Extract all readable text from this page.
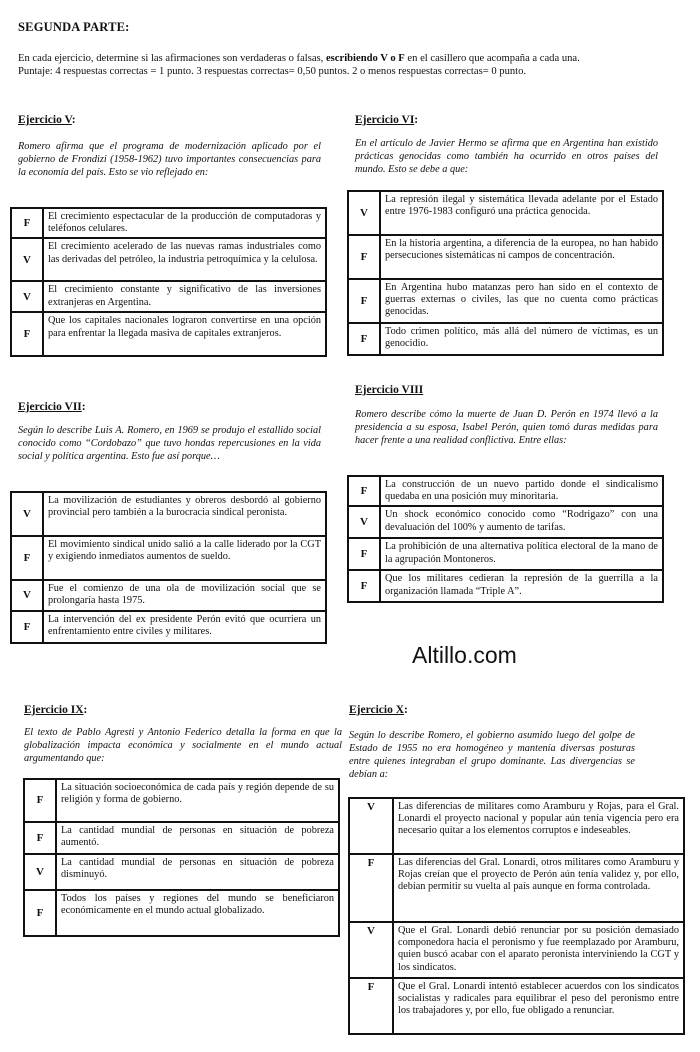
SEGUNDA PARTE:
En cada ejercicio, determine si las afirmaciones son verdaderas o falsas, escribiendo V o F en el casillero que acompaña a cada una.
Puntaje: 4 respuestas correctas = 1 punto. 3 respuestas correctas= 0,50 puntos. 2 o menos respuestas correctas= 0 punto.
Ejercicio V:
Romero afirma que el programa de modernización aplicado por el gobierno de Frondizi (1958-1962) tuvo importantes consecuencias para la economía del país. Esto se vio reflejado en:
F	El crecimiento espectacular de la producción de computadoras y teléfonos celulares.
V	El crecimiento acelerado de las nuevas ramas industriales como las derivadas del petróleo, la industria petroquímica y la celulosa.
V	El crecimiento constante y significativo de las inversiones extranjeras en Argentina.
F	Que los capitales nacionales lograron convertirse en una opción para enfrentar la llegada masiva de capitales extranjeros.
Ejercicio VI:
En el artículo de Javier Hermo se afirma que en Argentina han existido prácticas genocidas como también ha ocurrido en otros países del mundo. Esto se debe a que:
V	La represión ilegal y sistemática llevada adelante por el Estado entre 1976-1983 configuró una práctica genocida.
F	En la historia argentina, a diferencia de la europea, no han habido persecuciones sistemáticas ni campos de concentración.
F	En Argentina hubo matanzas pero han sido en el contexto de guerras externas o civiles, las que no cuenta como prácticas genocidas.
F	Todo crimen político, más allá del número de víctimas, es un genocidio.
Ejercicio VII:
Según lo describe Luis A. Romero, en 1969 se produjo el estallido social conocido como “Cordobazo” que tuvo hondas repercusiones en la vida social y política argentina. Esto fue así porque…
V	La movilización de estudiantes y obreros desbordó al gobierno provincial pero también a la burocracia sindical peronista.
F	El movimiento sindical unido salió a la calle liderado por la CGT y exigiendo inmediatos aumentos de sueldo.
V	Fue el comienzo de una ola de movilización social que se prolongaría hasta 1975.
F	La intervención del ex presidente Perón evitó que ocurriera un enfrentamiento entre civiles y militares.
Ejercicio VIII
Romero describe cómo la muerte de Juan D. Perón en 1974 llevó a la presidencia a su esposa, Isabel Perón, quien tomó duras medidas para hacer frente a una realidad conflictiva. Entre ellas:
F	La construcción de un nuevo partido donde el sindicalismo quedaba en una posición muy minoritaria.
V	Un shock económico conocido como “Rodrigazo” con una devaluación del 100% y aumento de tarifas.
F	La prohibición de una alternativa política electoral de la mano de la agrupación Montoneros.
F	Que los militares cedieran la represión de la guerrilla a la organización llamada “Triple A”.
Altillo.com
Ejercicio IX:
El texto de Pablo Agresti y Antonio Federico detalla la forma en que la globalización impacta económica y socialmente en el mundo actual argumentando que:
F	La situación socioeconómica de cada país y región depende de su religión y forma de gobierno.
F	La cantidad mundial de personas en situación de pobreza aumentó.
V	La cantidad mundial de personas en situación de pobreza disminuyó.
F	Todos los países y regiones del mundo se beneficiaron económicamente en el mundo actual globalizado.
Ejercicio X:
Según lo describe Romero, el gobierno asumido luego del golpe de Estado de 1955 no era homogéneo y mantenía diversas posturas entre quienes integraban el grupo dominante. Las divergencias se debían a:
V	Las diferencias de militares como Aramburu y Rojas, para el Gral. Lonardi el proyecto nacional y popular aún tenía vigencia pero era necesario quitar a los elementos corruptos e indeseables.
F	Las diferencias del Gral. Lonardi, otros militares como Aramburu y Rojas creían que el proyecto de Perón aún tenía validez y, por ello, debían permitir su vuelta al país aunque en forma controlada.
V	Que el Gral. Lonardi debió renunciar por su posición demasiado componedora hacia el peronismo y fue reemplazado por Aramburu, quien buscó acabar con el aparato peronista interviniendo la CGT y los sindicatos.
F	Que el Gral. Lonardi intentó establecer acuerdos con los sindicatos socialistas y radicales para equilibrar el peso del peronismo entre los trabajadores y, por ello, fue obligado a renunciar.
